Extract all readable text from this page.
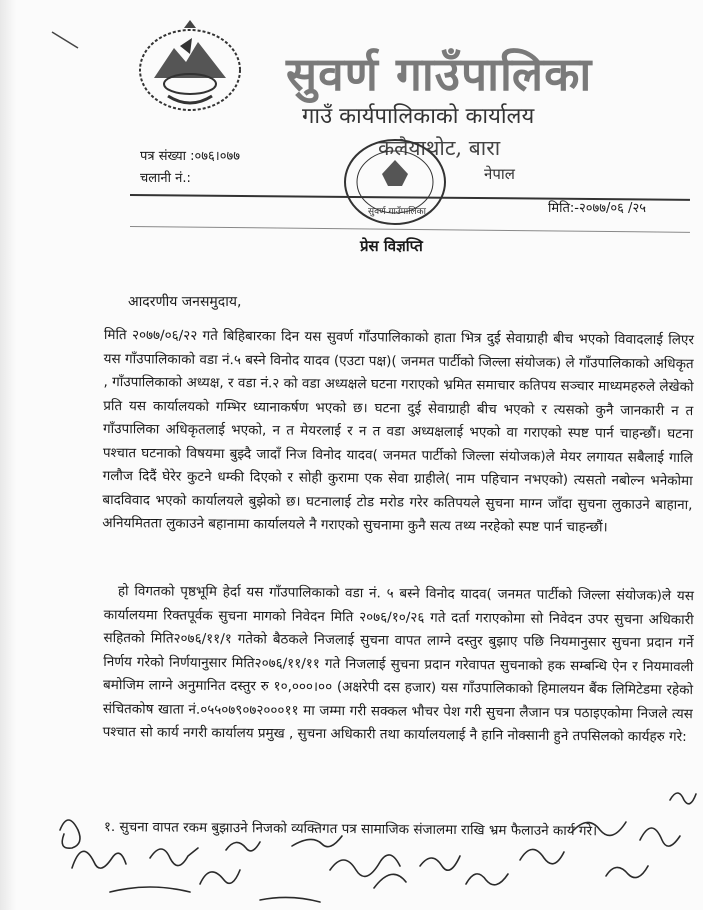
सुवर्ण गाउँपालिका
गाउँ कार्यपालिकाको कार्यालय
कलैयाथोट, बारा
नेपाल
पत्र संख्या :०७६।०७७
चलानी नं.:
सुवर्ण गाउँपालिका	मिति:-२०७७/०६ /२५
प्रेस विज्ञप्ति
आदरणीय जनसमुदाय,
मिति २०७७/०६/२२ गते बिहिबारका दिन यस सुवर्ण गाँउपालिकाको हाता भित्र दुई सेवाग्राही बीच भएको विवादलाई लिएर यस गाँउपालिकाको वडा नं.५ बस्ने विनोद यादव (एउटा पक्ष)( जनमत पार्टीको जिल्ला संयोजक) ले गाँउपालिकाको अधिकृत , गाँउपालिकाको अध्यक्ष, र वडा नं.२ को वडा अध्यक्षले घटना गराएको भ्रमित समाचार कतिपय सञ्चार माध्यमहरुले लेखेको प्रति यस कार्यालयको गम्भिर ध्यानाकर्षण भएको छ। घटना दुई सेवाग्राही बीच भएको र त्यसको कुनै जानकारी न त गाँउपालिका अधिकृतलाई भएको, न त मेयरलाई र न त वडा अध्यक्षलाई भएको वा गराएको स्पष्ट पार्न चाहन्छौं। घटना पश्चात घटनाको विषयमा बुझ्दै जादाँ निज विनोद यादव( जनमत पार्टीको जिल्ला संयोजक)ले मेयर लगायत सबैलाई गालि गलौज दिदैं घेरेर कुटने धम्की दिएको र सोही कुरामा एक सेवा ग्राहीले( नाम पहिचान नभएको) त्यसतो नबोल्न भनेकोमा बादविवाद भएको कार्यालयले बुझेको छ। घटनालाई टोड मरोड गरेर कतिपयले सुचना माग्न जाँदा सुचना लुकाउने बाहाना, अनियमितता लुकाउने बहानामा कार्यालयले नै गराएको सुचनामा कुनै सत्य तथ्य नरहेको स्पष्ट पार्न चाहन्छौं।
हो विगतको पृष्ठभूमि हेर्दा यस गाँउपालिकाको वडा नं. ५ बस्ने विनोद यादव( जनमत पार्टीको जिल्ला संयोजक)ले यस कार्यालयमा रिक्तपूर्वक सुचना मागको निवेदन मिति २०७६/१०/२६ गते दर्ता गराएकोमा सो निवेदन उपर सुचना अधिकारी सहितको मिति२०७६/११/१ गतेको बैठकले निजलाई सुचना वापत लाग्ने दस्तुर बुझाए पछि नियमानुसार सुचना प्रदान गर्ने निर्णय गरेको निर्णयानुसार मिति२०७६/११/११ गते निजलाई सुचना प्रदान गरेवापत सुचनाको हक सम्बन्धि ऐन र नियमावली बमोजिम लाग्ने अनुमानित दस्तुर रु १०,०००।०० (अक्षरेपी दस हजार) यस गाँउपालिकाको हिमालयन बैंक लिमिटेडमा रहेको संचितकोष खाता नं.०५५०७९०७२०००११ मा जम्मा गरी सक्कल भौचर पेश गरी सुचना लैजान पत्र पठाइएकोमा निजले त्यस पश्चात सो कार्य नगरी कार्यालय प्रमुख , सुचना अधिकारी तथा कार्यालयलाई नै हानि नोक्सानी हुने तपसिलको कार्यहरु गरे:
१. सुचना वापत रकम बुझाउने निजको व्यक्तिगत पत्र सामाजिक संजालमा राखि भ्रम फैलाउने कार्य गरे।
